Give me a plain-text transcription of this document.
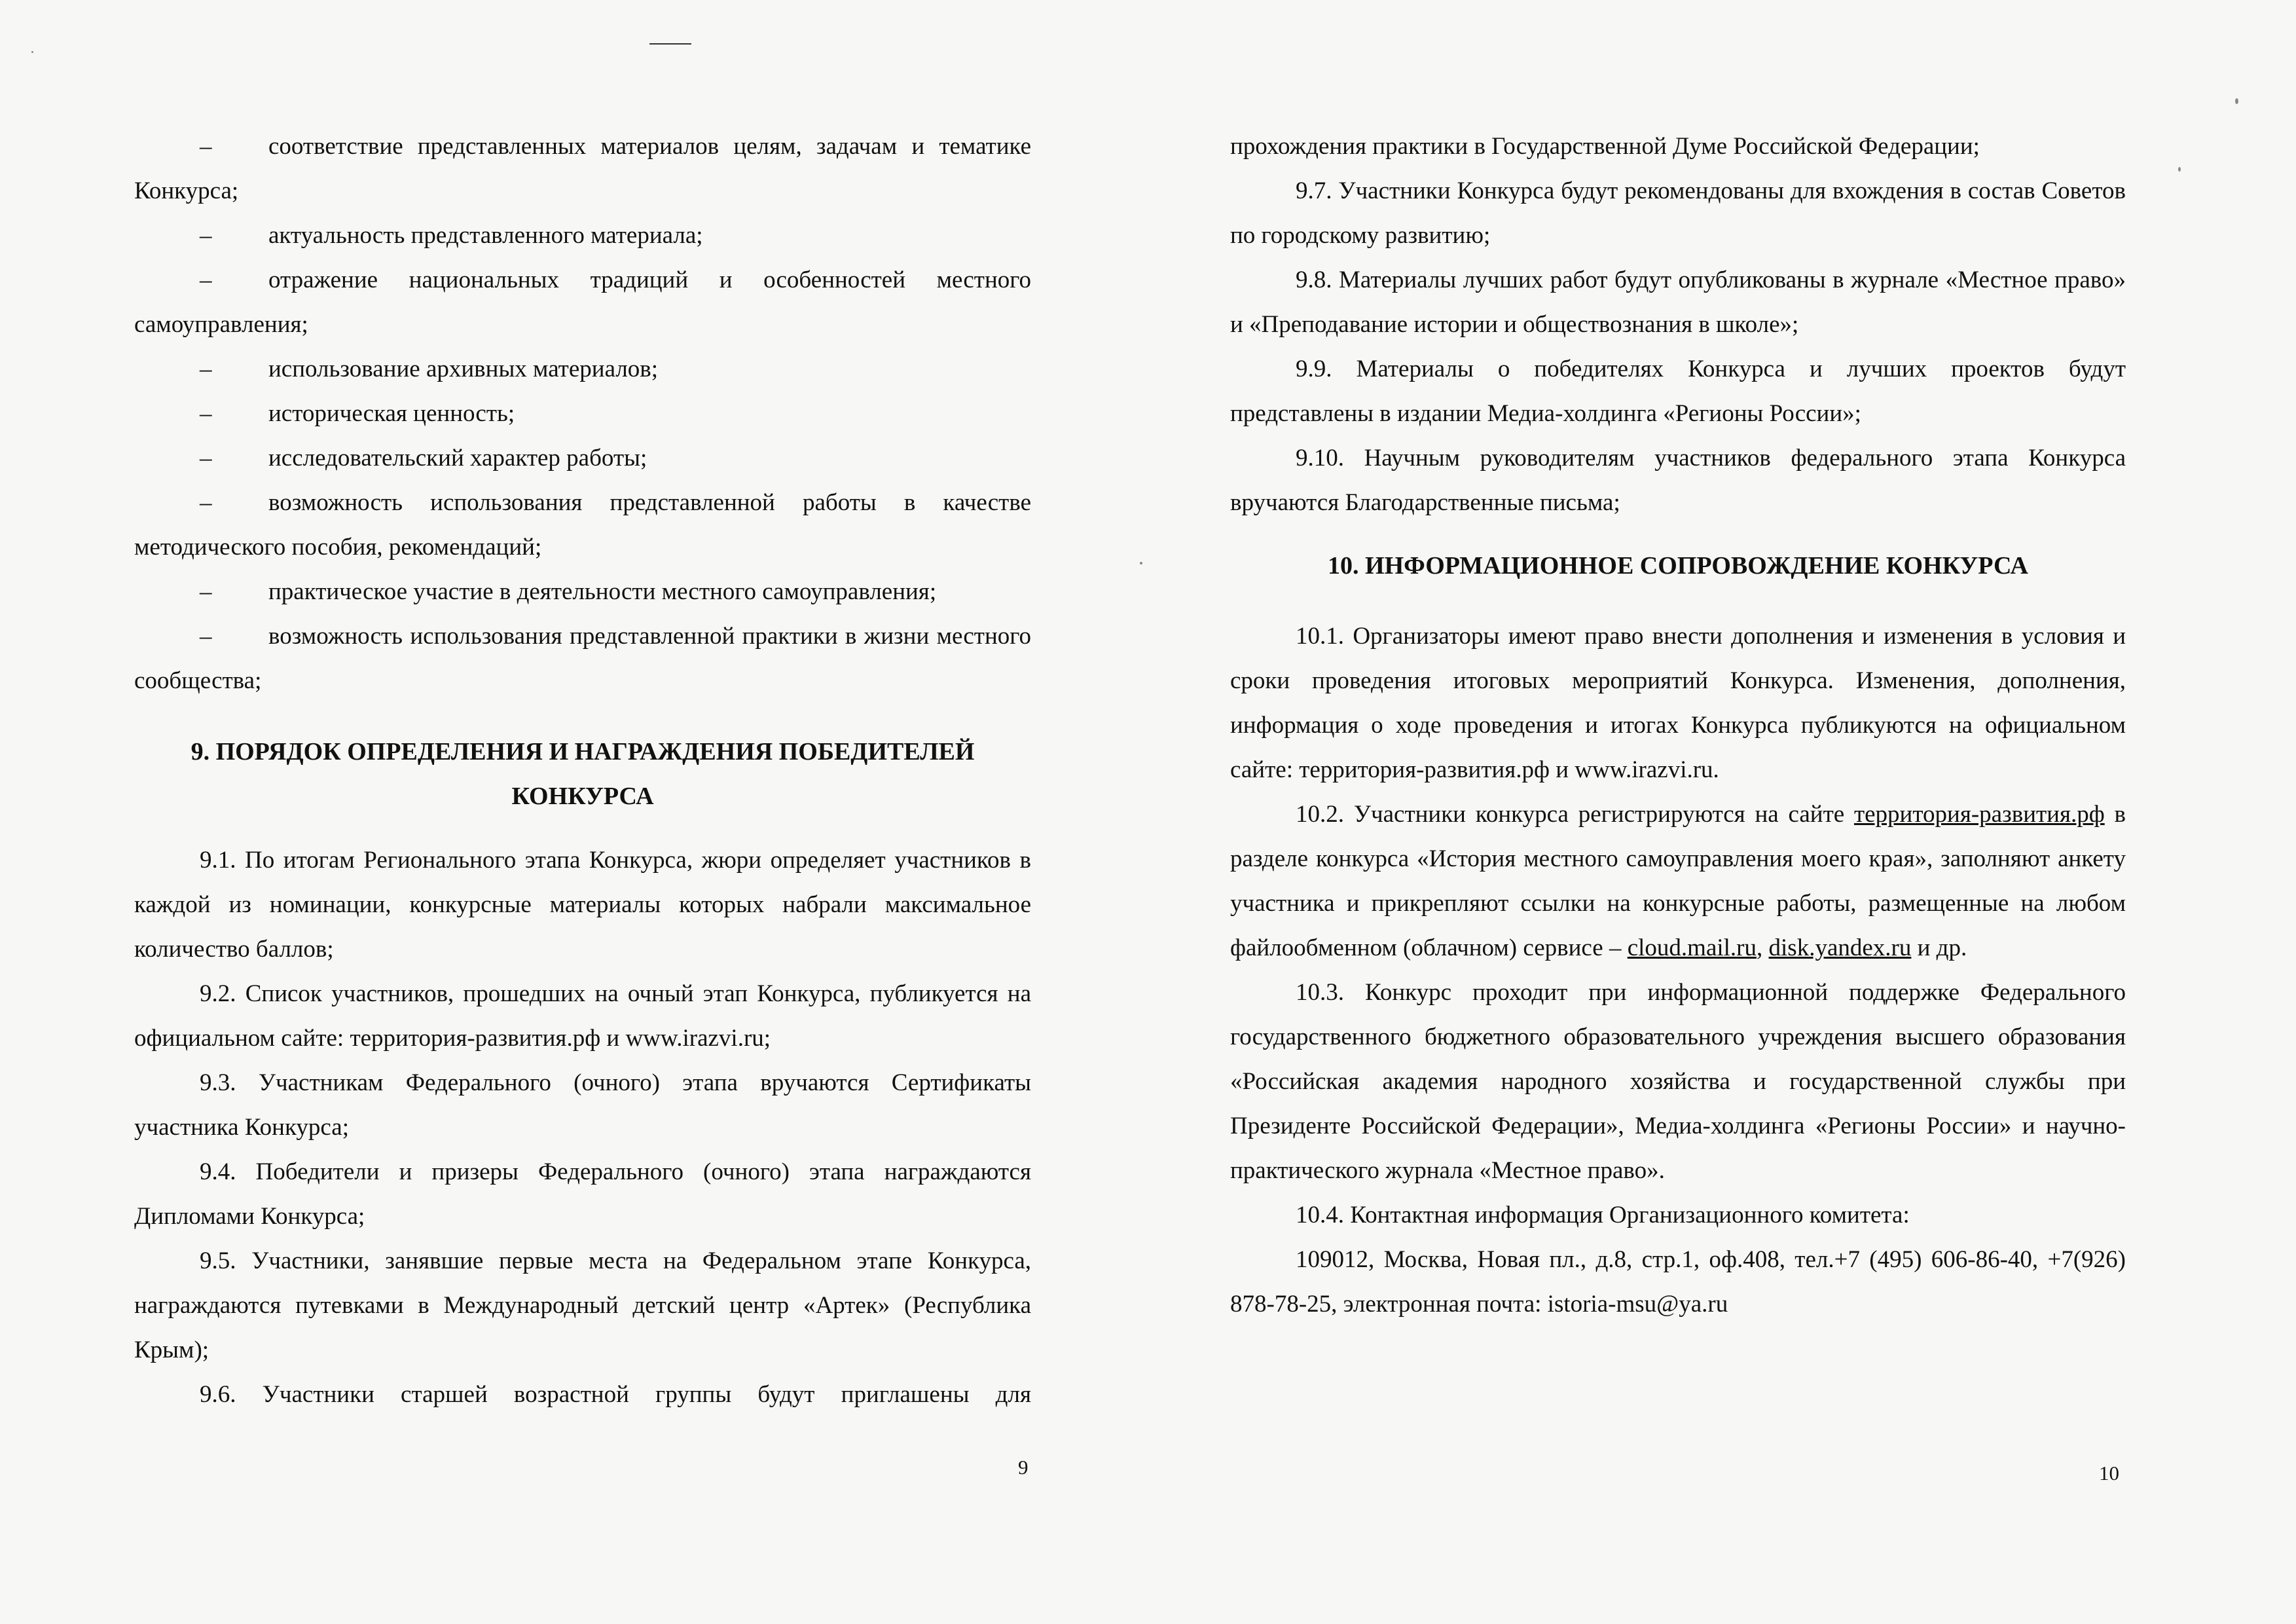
– соответствие представленных материалов целям, задачам и тематике Конкурса;

– актуальность представленного материала;

– отражение национальных традиций и особенностей местного самоуправления;

– использование архивных материалов;

– историческая ценность;

– исследовательский характер работы;

– возможность использования представленной работы в качестве методического пособия, рекомендаций;

– практическое участие в деятельности местного самоуправления;

– возможность использования представленной практики в жизни местного сообщества;

9. ПОРЯДОК ОПРЕДЕЛЕНИЯ И НАГРАЖДЕНИЯ ПОБЕДИТЕЛЕЙ
КОНКУРСА

9.1. По итогам Регионального этапа Конкурса, жюри определяет участников в каждой из номинации, конкурсные материалы которых набрали максимальное количество баллов;

9.2. Список участников, прошедших на очный этап Конкурса, публикуется на официальном сайте: территория-развития.рф и www.irazvi.ru;

9.3. Участникам Федерального (очного) этапа вручаются Сертификаты участника Конкурса;

9.4. Победители и призеры Федерального (очного) этапа награждаются Дипломами Конкурса;

9.5. Участники, занявшие первые места на Федеральном этапе Конкурса, награждаются путевками в Международный детский центр «Артек» (Республика Крым);

9.6. Участники старшей возрастной группы будут приглашены для

9

прохождения практики в Государственной Думе Российской Федерации;

9.7. Участники Конкурса будут рекомендованы для вхождения в состав Советов по городскому развитию;

9.8. Материалы лучших работ будут опубликованы в журнале «Местное право» и «Преподавание истории и обществознания в школе»;

9.9. Материалы о победителях Конкурса и лучших проектов будут представлены в издании Медиа-холдинга «Регионы России»;

9.10. Научным руководителям участников федерального этапа Конкурса вручаются Благодарственные письма;

10. ИНФОРМАЦИОННОЕ СОПРОВОЖДЕНИЕ КОНКУРСА

10.1. Организаторы имеют право внести дополнения и изменения в условия и сроки проведения итоговых мероприятий Конкурса. Изменения, дополнения, информация о ходе проведения и итогах Конкурса публикуются на официальном сайте: территория-развития.рф и www.irazvi.ru.

10.2. Участники конкурса регистрируются на сайте территория-развития.рф в разделе конкурса «История местного самоуправления моего края», заполняют анкету участника и прикрепляют ссылки на конкурсные работы, размещенные на любом файлообменном (облачном) сервисе – cloud.mail.ru, disk.yandex.ru и др.

10.3. Конкурс проходит при информационной поддержке Федерального государственного бюджетного образовательного учреждения высшего образования «Российская академия народного хозяйства и государственной службы при Президенте Российской Федерации», Медиа-холдинга «Регионы России» и научно-практического журнала «Местное право».

10.4. Контактная информация Организационного комитета:

109012, Москва, Новая пл., д.8, стр.1, оф.408, тел.+7 (495) 606-86-40, +7(926) 878-78-25, электронная почта: istoria-msu@ya.ru

10
